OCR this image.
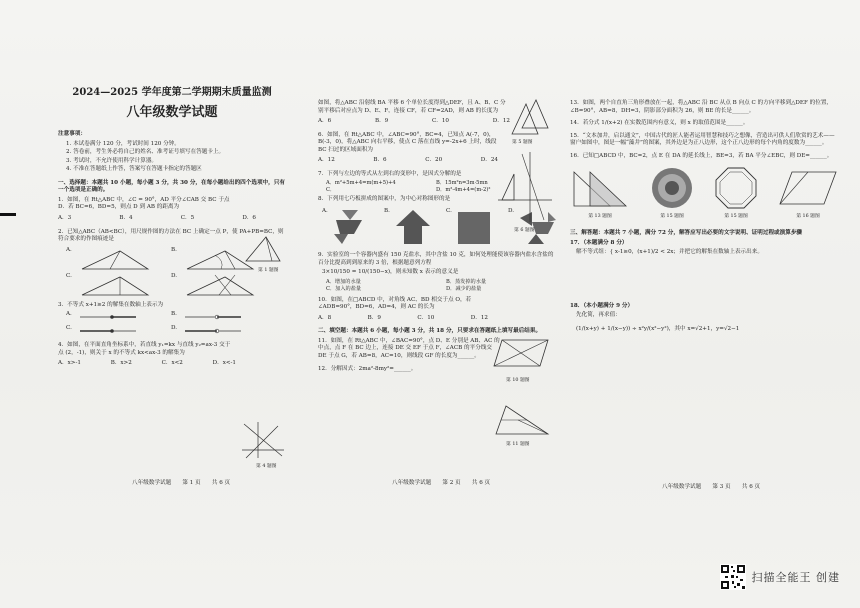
2024—2025 学年度第二学期期末质量监测
八年级数学试题
注意事项：
1. 本试卷满分 120 分，考试时间 120 分钟。
2. 答卷前，考生务必将自己的姓名、准考证号填写在答题卡上。
3. 考试时，不允许使用科学计算器。
4. 不准在答题纸上作答，答案写在答题卡指定的答题区
一、选择题：本题共 10 小题，每小题 3 分，共 30 分，在每小题给出的四个选项中，只有一个选项是正确的。
1．如图，在 Rt△ABC 中，∠C = 90°，AD 平分∠CAB 交 BC 于点 D．若 BC=6，BD=5，则点 D 到 AB 的距离为
A．3	B．4	C．5	D．6
2．已知△ABC（AB<BC），用尺规作图的方法在 BC 上确定一点 P，使 PA+PB=BC，则符合要求的作图痕迹是
A.	B.
C.	D.
3．不等式 x+1≥2 的解集在数轴上表示为
A.	B.
C.	D.
4．如图，在平面直角坐标系中，若直线 y₁=kx 与直线 y₂=ax-3 交于点 (2，-1)，则关于 x 的不等式 kx<ax-3 的解集为
A．x>-1	B．x>2	C．x<2	D．x<-1
第 1 题图
第 4 题图
八年级数学试题　　第 1 页　　共 6 页
如图，将△ABC 沿射线 BA 平移 6 个单位长度得到△DEF，且 A、B、C 分别平移后对应点为 D、E、F，连接 CF，若 CF=2AD，则 AB 的长度为
A．6	B．9	C．10	D．12
6．如图，在 Rt△ABC 中，∠ABC=90°，BC=4，已知点 A(-7，0)，B(-3，0)，将△ABC 向右平移，使点 C 落在直线 y=-2x+6 上时，线段 BC 扫过的区域面积为
A．12	B．6	C．20	D．24
7．下列与左边的等式从左到右的变形中，是因式分解的是
A．m²+5m+4=m(m+5)+4	B．15m²n=3m·5mn
C．	D．m²-4m+4=(m-2)²
8．下列用七巧板拼成的图案中，为中心对称图形的是
A.	B.	C.	D.
9．实验室的一个容器内盛有 150 克盐水，其中含盐 10 克，如何处理能使该容器内盐水含盐的百分比提高到到原来的 3 倍，根据题意列方程
3×10/150 = 10/(150−x)，则未知数 x 表示的意义是
A．增加的水量	B．蒸发掉的水量
C．加入的盐量	D．减少的盐量
10．如图，在□ABCD 中，对角线 AC、BD 相交于点 O，若∠ADB=90°，BD=6，AD=4，则 AC 的长为
A．8	B．9	C．10	D．12
二、填空题：本题共 6 小题，每小题 3 分，共 18 分，只要求在答题纸上填写最后结果。
11．如图，在 Rt△ABC 中，∠BAC=90°，点 D、E 分别是 AB、AC 的中点，点 F 在 BC 边上，连接 DE 交 EF 于点 F，∠ACB 的平分线交 DE 于点 G，若 AB=8，AC=10，则线段 GF 的长度为______。
12．分解因式：2ma²-8my²=______。
第 5 题图
第 6 题图
第 10 题图
第 11 题图
八年级数学试题　　第 2 页　　共 6 页
13．如图，两个自直角三角形叠放在一起，将△ABC 沿 BC 从点 B 向点 C 的方向平移到△DEF 的位置，∠B=90°，AB=8，DH=3，阴影部分面积为 26，则 BE 的长是______。
14．若分式 1/(x+2) 在实数范围内有意义，则 x 的取值范围是______。
15．“文本加井，启以通文”，中国古代的匠人能者运用智慧和技巧之想像，营造出可供人们欣赏的艺术——窗户如图中，图是一幅“藻井”的图案，其外边是为正八边形，这个正八边形的每个内角的度数为______。
16．已知□ABCD 中，BC=2，点 E 在 DA 的延长线上，BE=3，若 BA 平分∠EBC，则 DE=______。
第 13 题图	第 15 题图	第 15 题图	第 16 题图
三、解答题：本题共 7 小题，满分 72 分，解答应写出必要的文字说明、证明过程或演算步骤
17．（本题满分 8 分）
解不等式组：{ x-1≥0，(x+1)/2 < 2x；并把它的解集在数轴上表示出来。
18．（本小题满分 9 分）
先化简，再求值：
(1/(x+y) + 1/(x−y)) ÷ x²y/(x²−y²)，其中 x=√2+1，y=√2−1
八年级数学试题　　第 3 页　　共 6 页
扫描全能王 创建
